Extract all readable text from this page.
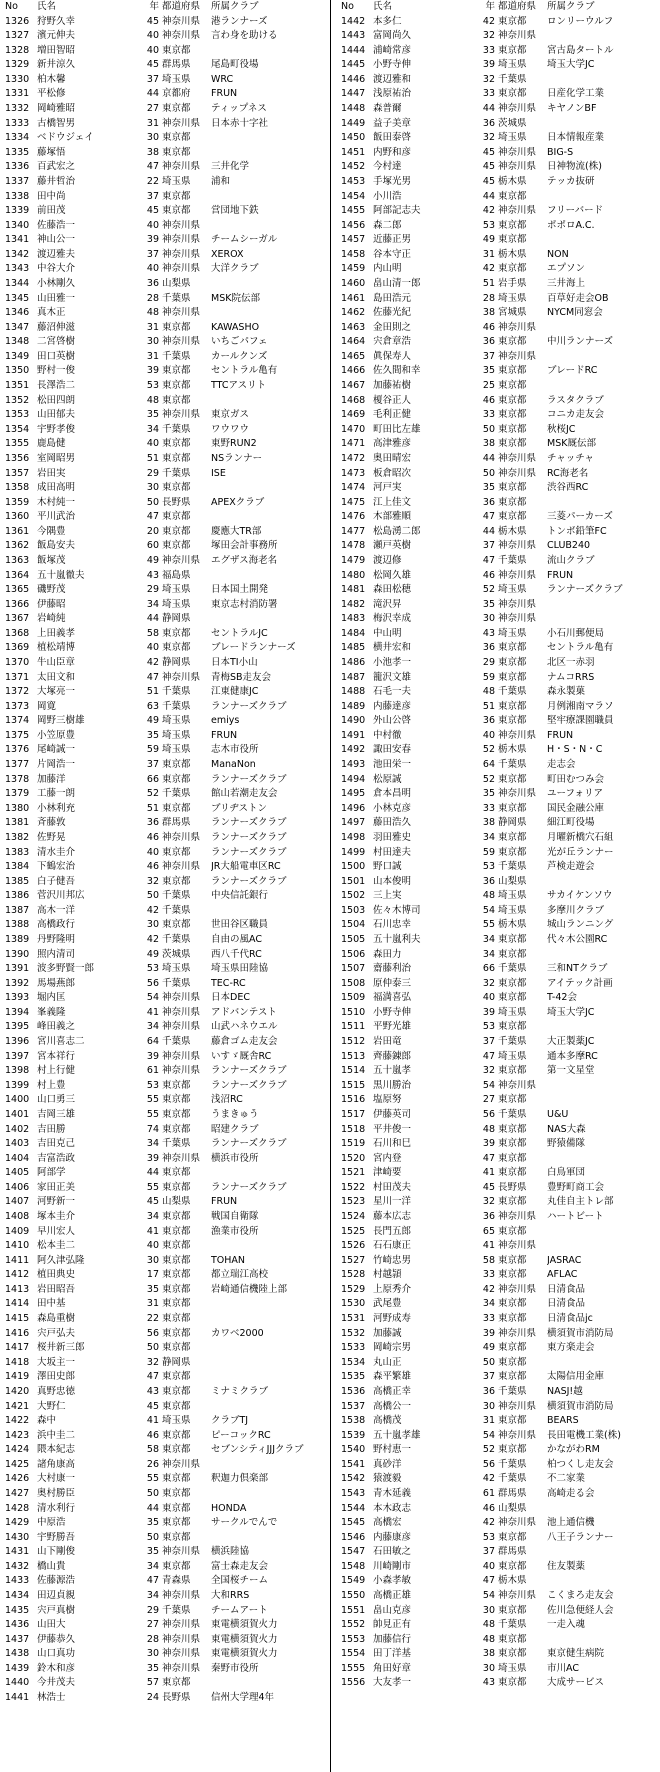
No	氏名	年 都道府県	所属クラブ
1326 狩野久幸	45 神奈川県	港ランナーズ
1327 濱元伸夫	40 神奈川県	言わ身を助ける
1328 増田智昭	40 東京都
1329 新井涼久	45 群馬県	尾島町役場
1330 柏木馨	37 埼玉県	WRC
1331 平松修	44 京都府	FRUN
1332 岡崎雅昭	27 東京都	ティップネス
1333 古橋智男	31 神奈川県	日本赤十字社
1334 ベドウジェイ	30 東京都
1335 藤塚悟	38 東京都
1336 百武宏之	47 神奈川県	三井化学
1337 藤井哲治	22 埼玉県	浦和
1338 田中尚	37 東京都
1339 前田茂	45 東京都	営団地下鉄
1340 佐藤浩一	40 神奈川県
1341 神山公一	39 神奈川県	チームシーガル
1342 渡辺雅夫	37 神奈川県	XEROX
1343 中谷大介	40 神奈川県	大洋クラブ
1344 小林剛久	36 山梨県
1345 山田雅一	28 千葉県	MSK院伝部
1346 真木正	48 神奈川県
1347 藤沼伸滋	31 東京都	KAWASHO
1348 二宮啓樹	30 神奈川県	いちごパフェ
1349 田口英樹	31 千葉県	カールクンズ
1350 野村一俊	39 東京都	セントラル亀有
1351 長澤浩二	53 東京都	TTCアスリト
1352 松田四朗	48 東京都
1353 山田郁夫	35 神奈川県	東京ガス
1354 宇野孝俊	34 千葉県	ワウワウ
1355 鹿島健	40 東京都	東野RUN2
1356 室岡昭男	51 東京都	NSランナー
1357 岩田実	29 千葉県	ISE
1358 成田高明	30 東京都
1359 木村純一	50 長野県	APEXクラブ
1360 平川武治	47 東京都
1361 今隅豊	20 東京都	慶應大TR部
1362 飯島安夫	60 東京都	塚田会計事務所
1363 飯塚茂	49 神奈川県	エグザス海老名
1364 五十嵐徹夫	43 福島県
1365 磯野茂	29 埼玉県	日本国土開発
1366 伊藤昭	34 埼玉県	東京志村消防署
1367 岩崎純	44 静岡県
1368 上田義孝	58 東京都	セントラルJC
1369 植松靖博	40 東京都	ブレードランナーズ
1370 牛山臣章	42 静岡県	日本TI小山
1371 太田文和	47 神奈川県	青梅SB走友会
1372 大塚亮一	51 千葉県	江東健康JC
1373 岡寛	63 千葉県	ランナーズクラブ
1374 岡野三樹雄	49 埼玉県	emiys
1375 小笠原豊	35 埼玉県	FRUN
1376 尾崎誠一	59 埼玉県	志木市役所
1377 片岡浩一	37 東京都	ManaNon
1378 加藤洋	66 東京都	ランナーズクラブ
1379 工藤一朗	52 千葉県	館山若潮走友会
1380 小林利充	51 東京都	ブリヂストン
1381 斉藤敦	36 群馬県	ランナーズクラブ
1382 佐野晃	46 神奈川県	ランナーズクラブ
1383 清水圭介	40 東京都	ランナーズクラブ
1384 下鶴宏治	46 神奈川県	JR大船電車区RC
1385 白子健吾	32 東京都	ランナーズクラブ
1386 菅沢川邦広	50 千葉県	中央信託銀行
1387 高木一洋	42 千葉県
1388 高橋政行	30 東京都	世田谷区職員
1389 丹野隆明	42 千葉県	自由の風AC
1390 照内清司	49 茨城県	西八千代RC
1391 波多野賢一郎	53 埼玉県	埼玉県田陸協
1392 馬場燕郎	56 千葉県	TEC-RC
1393 堀内匡	54 神奈川県	日本DEC
1394 峯義隆	41 神奈川県	アドバンテスト
1395 峰田義之	34 神奈川県	山武ハネウエル
1396 宮川喜志二	64 千葉県	藤倉ゴム走友会
1397 宮本祥行	39 神奈川県	いすゞ厩舎RC
1398 村上行健	61 神奈川県	ランナーズクラブ
1399 村上豊	53 東京都	ランナーズクラブ
1400 山口勇三	55 東京都	浅沼RC
1401 吉岡三雄	55 東京都	うまきゅう
1402 吉田勝	74 東京都	昭建クラブ
1403 吉田克己	34 千葉県	ランナーズクラブ
1404 吉富浩政	39 神奈川県	横浜市役所
1405 阿部学	44 東京都
1406 家田正美	55 東京都	ランナーズクラブ
1407 河野新一	45 山梨県	FRUN
1408 塚本圭介	34 東京都	戦国自衛隊
1409 早川宏人	41 東京都	漁業市役所
1410 松本圭二	40 東京都
1411 阿久津弘隆	30 東京都	TOHAN
1412 植田典史	17 東京都	都立瑞江高校
1413 岩田昭吾	35 東京都	岩崎通信機陸上部
1414 田中基	31 東京都
1415 森島重樹	22 東京都
1416 宍戸弘夫	56 東京都	カワベ2000
1417 桜井新三郎	50 東京都
1418 大坂主一	32 静岡県
1419 澤田史郎	47 東京都
1420 真野忠徳	43 東京都	ミナミクラブ
1421 大野仁	45 東京都
1422 森中	41 埼玉県	クラブTJ
1423 浜中圭二	46 東京都	ピーコックRC
1424 隈本紀志	58 東京都	セブンシティJJJクラブ
1425 諸角康高	26 神奈川県
1426 大村康一	55 東京都	釈迦力倶楽部
1427 奥村勝臣	50 東京都
1428 清水利行	44 東京都	HONDA
1429 中原浩	35 東京都	サークルでんで
1430 宇野勝吾	50 東京都
1431 山下剛俊	35 神奈川県	横浜陸協
1432 橋山貴	34 東京都	富士森走友会
1433 佐藤源浩	47 青森県	全国桜チーム
1434 田辺貞親	34 神奈川県	大和RRS
1435 宍戸真樹	29 千葉県	チームアート
1436 山田大	27 神奈川県	東電横須賀火力
1437 伊藤恭久	28 神奈川県	東電横須賀火力
1438 山口真功	30 神奈川県	東電横須賀火力
1439 鈴木和彦	35 神奈川県	秦野市役所
1440 今井茂夫	57 東京都
1441 林浩士	24 長野県	信州大学理4年
No	氏名	年 都道府県	所属クラブ
1442 本多仁	42 東京都	ロンリーウルフ
1443 富岡尚久	32 神奈川県
1444 浦崎常彦	33 東京都	宮古島タートル
1445 小野寺伸	39 埼玉県	埼玉大学JC
1446 渡辺雅和	32 千葉県
1447 浅原祐治	33 東京都	日産化学工業
1448 森普爾	44 神奈川県	キヤノンBF
1449 益子美章	36 茨城県
1450 飯田泰啓	32 埼玉県	日本情報産業
1451 内野和彦	45 神奈川県	BIG-S
1452 今村達	45 神奈川県	日神物流(株)
1453 手塚光男	45 栃木県	テッカ抜研
1454 小川浩	44 東京都
1455 阿部記志夫	42 神奈川県	フリーバード
1456 森二郎	53 東京都	ポポロA.C.
1457 近藤正男	49 東京都
1458 谷本守正	31 栃木県	NON
1459 内山明	42 東京都	エプソン
1460 畠山清一郎	51 岩手県	三井海上
1461 島田浩元	28 埼玉県	百草好走会OB
1462 佐藤光紀	38 宮城県	NYCM同窓会
1463 金田則之	46 神奈川県
1464 宍倉章浩	36 東京都	中川ランナーズ
1465 眞保寿人	37 神奈川県
1466 佐久間和幸	35 東京都	ブレードRC
1467 加藤祐樹	25 東京都
1468 榎谷正人	46 東京都	ラスタクラブ
1469 毛利正健	33 東京都	コニカ走友会
1470 町田比左雄	50 東京都	秋桜JC
1471 高津雅彦	38 東京都	MSK厩伝部
1472 奥田晴宏	44 神奈川県	チャッチャ
1473 板倉昭次	50 神奈川県	RC海老名
1474 河戸実	35 東京都	渋谷西RC
1475 江上佳文	36 東京都
1476 木部雅順	47 東京都	三菱パーカーズ
1477 松島湧二郎	44 栃木県	トンボ鉛筆FC
1478 瀬戸英樹	37 神奈川県	CLUB240
1479 渡辺修	47 千葉県	流山クラブ
1480 松岡久雄	46 神奈川県	FRUN
1481 森田松穂	52 埼玉県	ランナーズクラブ
1482 滝沢昇	35 神奈川県
1483 梅沢幸成	30 神奈川県
1484 中山明	43 埼玉県	小石川郵便局
1485 横井宏和	36 東京都	セントラル亀有
1486 小池孝一	29 東京都	北区一赤羽
1487 籠沢文雄	59 東京都	ナムコRRS
1488 石毛一夫	48 千葉県	森永製菓
1489 内藤達彦	51 東京都	月例湘南マラソ
1490 外山公啓	36 東京都	堅牢療課園職員
1491 中村徹	40 神奈川県	FRUN
1492 諏田安春	52 栃木県	H・S・N・C
1493 池田栄一	64 千葉県	走志会
1494 松原誠	52 東京都	町田むつみ会
1495 倉本昌明	35 神奈川県	ユーフォリア
1496 小林克彦	33 東京都	国民金融公庫
1497 藤田浩久	38 静岡県	細江町役場
1498 羽田雅史	34 東京都	月曜新橋穴石組
1499 村田達夫	59 東京都	光が丘ランナー
1500 野口誠	53 千葉県	芦検走遊会
1501 山本俊明	36 山梨県
1502 三上実	48 埼玉県	サカイケンソウ
1503 佐々木博司	54 埼玉県	多摩川クラブ
1504 石川忠幸	55 栃木県	城山ランニング
1505 五十嵐利夫	34 東京都	代々木公園RC
1506 森田力	34 東京都
1507 齋藤利治	66 千葉県	三和NTクラブ
1508 原仲泰三	32 東京都	アイテック計画
1509 福満喜弘	40 東京都	T-42会
1510 小野寺伸	39 埼玉県	埼玉大学JC
1511 平野光雄	53 東京都
1512 岩田竜	37 千葉県	大正製薬JC
1513 齊藤錬郎	47 埼玉県	通本多摩RC
1514 五十嵐孝	32 東京都	第一文星堂
1515 黒川勝治	54 神奈川県
1516 塩原努	27 東京都
1517 伊藤英司	56 千葉県	U&U
1518 平井俊一	48 東京都	NAS大森
1519 石川和巳	39 東京都	野猿備隊
1520 宮内登	47 東京都
1521 津崎要	41 東京都	白鳥軍団
1522 村田茂夫	45 長野県	豊野町商工会
1523 星川一洋	32 東京都	丸佳自主トレ部
1524 藤本広志	36 神奈川県	ハートビート
1525 長門五郎	65 東京都
1526 石石康正	41 神奈川県
1527 竹崎忠男	58 東京都	JASRAC
1528 村越頴	33 東京都	AFLAC
1529 上原秀介	42 神奈川県	日清食品
1530 武尾豊	34 東京都	日清食品
1531 河野成寿	33 東京都	日清食品jc
1532 加藤誠	39 神奈川県	横須賀市消防局
1533 岡崎宗男	49 東京都	東方楽走会
1534 丸山正	50 東京都
1535 森平繁雄	37 東京都	太陽信用金庫
1536 高橋正幸	36 千葉県	NASJ!越
1537 高橋公一	30 神奈川県	横須賀市消防局
1538 高橋茂	31 東京都	BEARS
1539 五十嵐孝雄	54 神奈川県	長田電機工業(株)
1540 野村恵一	52 東京都	かながわRM
1541 真砂洋	56 千葉県	柏つくし走友会
1542 猿渡毅	42 千葉県	不二家業
1543 青木延義	61 群馬県	高崎走る会
1544 本木政志	46 山梨県
1545 高橋宏	42 神奈川県	池上通信機
1546 内藤康彦	53 東京都	八王子ランナー
1547 石田敏之	37 群馬県
1548 川崎剛市	40 東京都	住友製薬
1549 小森孝敏	47 栃木県
1550 高橋正雄	54 神奈川県	こくまろ走友会
1551 畠山克彦	30 東京都	佐川急便経人会
1552 帥見正有	48 千葉県	一走入魂
1553 加藤信行	48 東京都
1554 田丁洋基	38 東京都	東京健生病院
1555 角田好章	30 埼玉県	市川AC
1556 大友孝一	43 東京都	大成サービス
